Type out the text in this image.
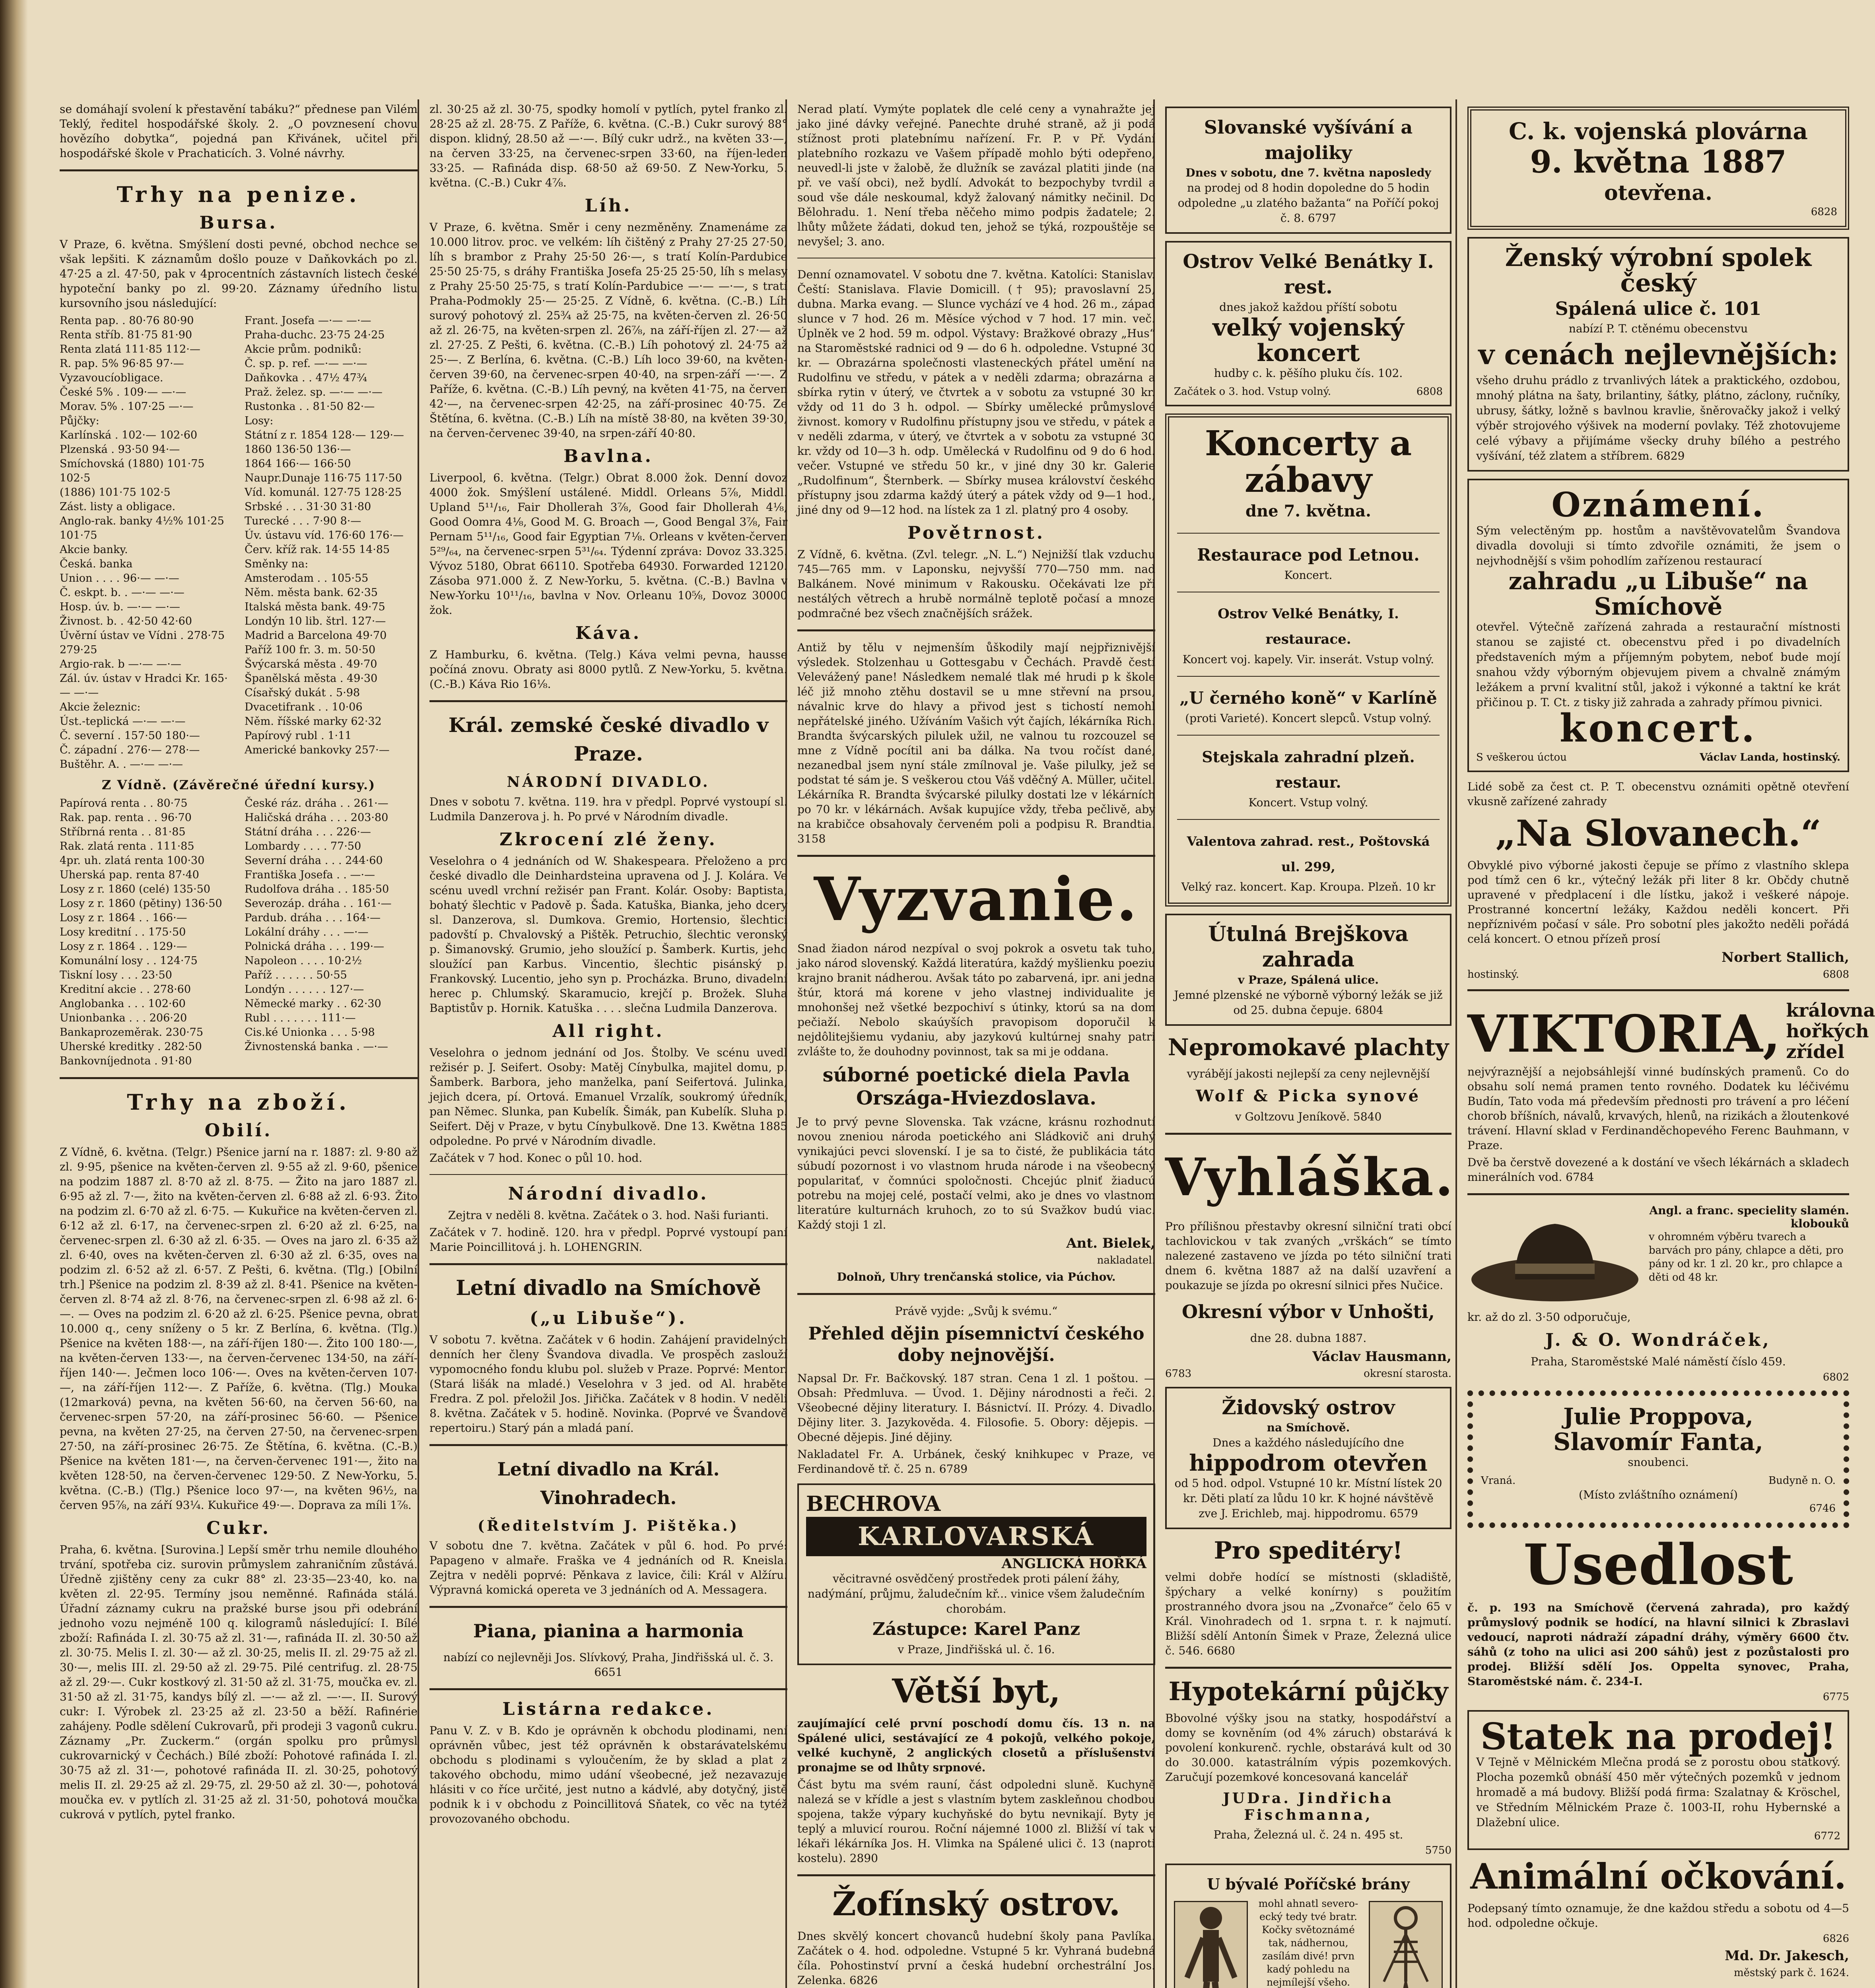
se domáhají svolení k přestavění tabáku?“ přednese pan Vilém Teklý, ředitel hospodářské školy. 2. „O povznesení chovu hovězího dobytka“, pojedná pan Křivánek, učitel při hospodářské škole v Prachaticích. 3. Volné návrhy.

Trhy na penize.
Bursa.

V Praze, 6. května. Smýšlení dosti pevné, obchod nechce se však lepšiti. K záznamům došlo pouze v Daňkovkách po zl. 47·25 a zl. 47·50, pak v 4procentních zástavních listech české hypoteční banky po zl. 99·20. Záznamy úředního listu kursovního jsou následující:

Renta pap. . 80·76 80·90
Renta stříb. 81·75 81·90
Renta zlatá 111·85 112·—
R. pap. 5% 96·85 97·—
Vyzavoucíobligace.
České 5% . 109·— —·—
Morav. 5% . 107·25 —·—
Půjčky:
Karlínská . 102·— 102·60
Plzenská . 93·50 94·—
Smíchovská (1880) 101·75 102·5
(1886) 101·75 102·5
Zást. listy a obligace.
Anglo-rak. banky 4½% 101·25 101·75
Akcie banky.
Česká. banka
Union . . . . 96·— —·—
Č. eskpt. b. . —·— —·—
Hosp. úv. b. —·— —·—
Živnost. b. . 42·50 42·60
Úvěrní ústav ve Vídni . 278·75 279·25
Argio-rak. b —·— —·—
Zál. úv. ústav v Hradci Kr. 165·— —·—
Akcie železnic:
Úst.-teplická —·— —·—
Č. severní . 157·50 180·—
Č. západní . 276·— 278·—
Buštěhr. A. . —·— —·—
Frant. Josefa —·— —·—
Praha-duchc. 23·75 24·25
Akcie prům. podniků:
Č. sp. p. ref. —·— —·—
Daňkovka . . 47½ 47¾
Praž. želez. sp. —·— —·—
Rustonka . . 81·50 82·—
Losy:
Státní z r. 1854 128·— 129·—
1860 136·50 136·—
1864 166·— 166·50
Naupr.Dunaje 116·75 117·50
Víd. komunál. 127·75 128·25
Srbské . . . 31·30 31·80
Turecké . . . 7·90 8·—
Úv. ústavu víd. 176·60 176·—
Červ. kříž rak. 14·55 14·85
Směnky na:
Amsterodam . . 105·55
Něm. města bank. 62·35
Italská města bank. 49·75
Londýn 10 lib. štrl. 127·—
Madrid a Barcelona 49·70
Paříž 100 fr. 3. m. 50·50
Švýcarská města . 49·70
Španělská města . 49·30
Císařský dukát . 5·98
Dvacetifrank . . 10·06
Něm. říšské marky 62·32
Papírový rubl . 1·11
Americké bankovky 257·—
Z Vídně. (Závěrečné úřední kursy.)
Papírová renta . . 80·75
Rak. pap. renta . . 96·70
Stříbrná renta . . 81·85
Rak. zlatá renta . 111·85
4pr. uh. zlatá renta 100·30
Uherská pap. renta 87·40
Losy z r. 1860 (celé) 135·50
Losy z r. 1860 (pětiny) 136·50
Losy z r. 1864 . . 166·—
Losy kreditní . . 175·50
Losy z r. 1864 . . 129·—
Komunální losy . . 124·75
Tiskní losy . . . 23·50
Kreditní akcie . . 278·60
Anglobanka . . . 102·60
Unionbanka . . . 206·20
Bankaprozeměrak. 230·75
Uherské kreditky . 282·50
Bankovníjednota . 91·80
České ráz. dráha . . 261·—
Haličská dráha . . . 203·80
Státní dráha . . . 226·—
Lombardy . . . . 77·50
Severní dráha . . . 244·60
Františka Josefa . . —·—
Rudolfova dráha . . 185·50
Severozáp. dráha . . 161·—
Pardub. dráha . . . 164·—
Lokální dráhy . . . —·—
Polnická dráha . . . 199·—
Napoleon . . . . 10·2½
Paříž . . . . . . 50·55
Londýn . . . . . . 127·—
Německé marky . . 62·30
Rubl . . . . . . . 111·—
Cis.ké Unionka . . . 5·98
Živnostenská banka . —·—
Trhy na zboží.
Obilí.

Z Vídně, 6. května. (Telgr.) Pšenice jarní na r. 1887: zl. 9·80 až zl. 9·95, pšenice na květen-červen zl. 9·55 až zl. 9·60, pšenice na podzim 1887 zl. 8·70 až zl. 8·75. — Žito na jaro 1887 zl. 6·95 až zl. 7·—, žito na květen-červen zl. 6·88 až zl. 6·93. Žito na podzim zl. 6·70 až zl. 6·75. — Kukuřice na květen-červen zl. 6·12 až zl. 6·17, na červenec-srpen zl. 6·20 až zl. 6·25, na červenec-srpen zl. 6·30 až zl. 6·35. — Oves na jaro zl. 6·35 až zl. 6·40, oves na květen-červen zl. 6·30 až zl. 6·35, oves na podzim zl. 6·52 až zl. 6·57. Z Pešti, 6. května. (Tlg.) [Obilní trh.] Pšenice na podzim zl. 8·39 až zl. 8·41. Pšenice na květen-červen zl. 8·74 až zl. 8·76, na červenec-srpen zl. 6·98 až zl. 6·—. — Oves na podzim zl. 6·20 až zl. 6·25. Pšenice pevna, obrat 10.000 q., ceny sníženy o 5 kr. Z Berlína, 6. května. (Tlg.) Pšenice na květen 188·—, na září-říjen 180·—. Žito 100 180·—, na květen-červen 133·—, na červen-červenec 134·50, na září-říjen 140·—. Ječmen loco 106·—. Oves na květen-červen 107·—, na září-říjen 112·—. Z Paříže, 6. května. (Tlg.) Mouka (12marková) pevna, na květen 56·60, na červen 56·60, na červenec-srpen 57·20, na září-prosinec 56·60. — Pšenice pevna, na květen 27·25, na červen 27·50, na červenec-srpen 27·50, na září-prosinec 26·75. Ze Štětína, 6. května. (C.-B.) Pšenice na květen 181·—, na červen-červenec 191·—, žito na květen 128·50, na červen-červenec 129·50. Z New-Yorku, 5. května. (C.-B.) (Tlg.) Pšenice loco 97·—, na květen 96½, na červen 95⅞, na září 93¼. Kukuřice 49·—. Doprava za míli 1⅞.

Cukr.

Praha, 6. května. [Surovina.] Lepší směr trhu nemile dlouhého trvání, spotřeba ciz. surovin průmyslem zahraničním zůstává. Úředně zjištěny ceny za cukr 88° zl. 23·35—23·40, ko. na květen zl. 22·95. Termíny jsou neměnné. Rafináda stálá. Úřadní záznamy cukru na pražské burse jsou při odebrání jednoho vozu nejméně 100 q. kilogramů následující: I. Bílé zboží: Rafináda I. zl. 30·75 až zl. 31·—, rafináda II. zl. 30·50 až zl. 30·75. Melis I. zl. 30·— až zl. 30·25, melis II. zl. 29·75 až zl. 30·—, melis III. zl. 29·50 až zl. 29·75. Pilé centrifug. zl. 28·75 až zl. 29·—. Cukr kostkový zl. 31·50 až zl. 31·75, moučka ev. zl. 31·50 až zl. 31·75, kandys bílý zl. —·— až zl. —·—. II. Surový cukr: I. Výrobek zl. 23·25 až zl. 23·50 a běží. Rafinérie zahájeny. Podle sdělení Cukrovarů, při prodeji 3 vagonů cukru. Záznamy „Pr. Zuckerm.“ (orgán spolku pro průmysl cukrovarnický v Čechách.) Bílé zboží: Pohotové rafináda I. zl. 30·75 až zl. 31·—, pohotové rafináda II. zl. 30·25, pohotový melis II. zl. 29·25 až zl. 29·75, zl. 29·50 až zl. 30·—, pohotová moučka ev. v pytlích zl. 31·25 až zl. 31·50, pohotová moučka cukrová v pytlích, pytel franko.

zl. 30·25 až zl. 30·75, spodky homolí v pytlích, pytel franko zl. 28·25 až zl. 28·75. Z Paříže, 6. května. (C.-B.) Cukr surový 88° dispon. klidný, 28.50 až —·—. Bílý cukr udrž., na květen 33·—, na červen 33·25, na červenec-srpen 33·60, na říjen-leden 33·25. — Rafináda disp. 68·50 až 69·50. Z New-Yorku, 5. května. (C.-B.) Cukr 4⅞.

Líh.

V Praze, 6. května. Směr i ceny nezměněny. Znamenáme za 10.000 litrov. proc. ve velkém: líh čištěný z Prahy 27·25 27·50, líh s brambor z Prahy 25·50 26·—, s tratí Kolín-Pardubice 25·50 25·75, s dráhy Františka Josefa 25·25 25·50, líh s melasy z Prahy 25·50 25·75, s tratí Kolín-Pardubice —·— —·—, s tratí Praha-Podmokly 25·— 25·25. Z Vídně, 6. května. (C.-B.) Líh surový pohotový zl. 25¾ až 25·75, na květen-červen zl. 26·50 až zl. 26·75, na květen-srpen zl. 26⅞, na září-říjen zl. 27·— až zl. 27·25. Z Pešti, 6. května. (C.-B.) Líh pohotový zl. 24·75 až 25·—. Z Berlína, 6. května. (C.-B.) Líh loco 39·60, na květen-červen 39·60, na červenec-srpen 40·40, na srpen-září —·—. Z Paříže, 6. května. (C.-B.) Líh pevný, na květen 41·75, na červen 42·—, na červenec-srpen 42·25, na září-prosinec 40·75. Ze Štětína, 6. května. (C.-B.) Líh na místě 38·80, na květen 39·30, na červen-červenec 39·40, na srpen-září 40·80.

Bavlna.

Liverpool, 6. května. (Telgr.) Obrat 8.000 žok. Denní dovoz 4000 žok. Smýšlení ustálené. Middl. Orleans 5⅞, Middl. Upland 5¹¹/₁₆, Fair Dhollerah 3⅞, Good fair Dhollerah 4⅛, Good Oomra 4⅛, Good M. G. Broach —, Good Bengal 3⅞, Fair Pernam 5¹¹/₁₆, Good fair Egyptian 7⅛. Orleans v květen-červen 5²⁹/₆₄, na červenec-srpen 5³¹/₆₄. Týdenní zpráva: Dovoz 33.325. Vývoz 5180, Obrat 66110. Spotřeba 64930. Forwarded 12120. Zásoba 971.000 ž. Z New-Yorku, 5. května. (C.-B.) Bavlna v New-Yorku 10¹¹/₁₆, bavlna v Nov. Orleanu 10⅝, Dovoz 30000 žok.

Káva.

Z Hamburku, 6. května. (Telg.) Káva velmi pevna, hausse počíná znovu. Obraty asi 8000 pytlů. Z New-Yorku, 5. května. (C.-B.) Káva Rio 16⅛.

Král. zemské české divadlo v Praze.
NÁRODNÍ DIVADLO.

Dnes v sobotu 7. května. 119. hra v předpl. Poprvé vystoupí sl. Ludmila Danzerova j. h. Po prvé v Národním divadle.

Zkrocení zlé ženy.

Veselohra o 4 jednáních od W. Shakespeara. Přeloženo a pro české divadlo dle Deinhardsteina upravena od J. J. Kolára. Ve scénu uvedl vrchní režisér pan Frant. Kolár. Osoby: Baptista, bohatý šlechtic v Padově p. Šada. Katuška, Bianka, jeho dcery sl. Danzerova, sl. Dumkova. Gremio, Hortensio, šlechtici padovští p. Chvalovský a Pištěk. Petruchio, šlechtic veronský p. Šimanovský. Grumio, jeho sloužící p. Šamberk. Kurtis, jeho sloužící pan Karbus. Vincentio, šlechtic pisánský p. Frankovský. Lucentio, jeho syn p. Procházka. Bruno, divadelní herec p. Chlumský. Skaramucio, krejčí p. Brožek. Sluha Baptistův p. Hornik. Katuška . . . . slečna Ludmila Danzerova.

All right.

Veselohra o jednom jednání od Jos. Štolby. Ve scénu uvedl režisér p. J. Seifert. Osoby: Matěj Cínybulka, majitel domu, p. Šamberk. Barbora, jeho manželka, paní Seifertová. Julinka, jejich dcera, pí. Ortová. Emanuel Vrzalík, soukromý úředník, pan Němec. Slunka, pan Kubelík. Šimák, pan Kubelík. Sluha p. Seifert. Děj v Praze, v bytu Cínybulkově. Dne 13. Kwětna 1885 odpoledne. Po prvé v Národním divadle.

Začátek v 7 hod. Konec o půl 10. hod.

Národní divadlo.

Zejtra v neděli 8. května. Začátek o 3. hod. Naši furianti.

Začátek v 7. hodině. 120. hra v předpl. Poprvé vystoupí paní Marie Poincillitová j. h. LOHENGRIN.

Letní divadlo na Smíchově
(„u Libuše“).

V sobotu 7. května. Začátek v 6 hodin. Zahájení pravidelných denních her členy Švandova divadla. Ve prospěch zaslouží vypomocného fondu klubu pol. služeb v Praze. Poprvé: Mentor. (Stará lišák na mladé.) Veselohra v 3 jed. od Al. hraběte Fredra. Z pol. přeložil Jos. Jiřička. Začátek v 8 hodin. V neděli 8. května. Začátek v 5. hodině. Novinka. (Poprvé ve Švandově repertoiru.) Starý pán a mladá paní.

Letní divadlo na Král. Vinohradech.
(Ředitelstvím J. Pištěka.)

V sobotu dne 7. května. Začátek v půl 6. hod. Po prvé: Papageno v almaře. Fraška ve 4 jednáních od R. Kneisla. Zejtra v neděli poprvé: Pěnkava z lavice, čili: Král v Alžíru. Výpravná komická opereta ve 3 jednáních od A. Messagera.

Piana, pianina a harmonia

nabízí co nejlevněji Jos. Slívkový, Praha, Jindřišská ul. č. 3. 6651

Listárna redakce.

Panu V. Z. v B. Kdo je oprávněn k obchodu plodinami, není oprávněn vůbec, jest též oprávněn k obstarávatelskému obchodu s plodinami s vyloučením, že by sklad a plat z takového obchodu, mimo udání všeobecné, jež nezavazuje hlásiti v co říce určité, jest nutno a kádvlé, aby dotyčný, jistě podnik k i v obchodu z Poincillitová Sňatek, co věc na tytéž provozovaného obchodu.

Nerad platí. Vymýte poplatek dle celé ceny a vynahražte jej jako jiné dávky veřejné. Panechte druhé straně, až ji podá stížnost proti platebnímu nařízení. Fr. P. v Př. Vydání platebního rozkazu ve Vašem případě mohlo býti odepřeno, neuvedl-li jste v žalobě, že dlužník se zavázal platiti jinde (na př. ve vaší obci), než bydlí. Advokát to bezpochyby tvrdil a soud vše dále neskoumal, když žalovaný námitky nečinil. Do Bělohradu. 1. Není třeba něčeho mimo podpis žadatele; 2. lhůty můžete žádati, dokud ten, jehož se týká, rozpouštěje se nevyšel; 3. ano.

Denní oznamovatel. V sobotu dne 7. května. Katolíci: Stanislav. Čeští: Stanislava. Flavie Domicill. († 95); pravoslavní 25, dubna. Marka evang. — Slunce vychází ve 4 hod. 26 m., západ slunce v 7 hod. 26 m. Měsíce východ v 7 hod. 17 min. več. Úplněk ve 2 hod. 59 m. odpol. Výstavy: Bražkové obrazy „Hus“ na Staroměstské radnici od 9 — do 6 h. odpoledne. Vstupné 30 kr. — Obrazárna společnosti vlasteneckých přátel umění na Rudolfinu ve středu, v pátek a v neděli zdarma; obrazárna a sbírka rytin v úterý, ve čtvrtek a v sobotu za vstupné 30 kr. vždy od 11 do 3 h. odpol. — Sbírky umělecké průmyslové živnost. komory v Rudolfinu přístupny jsou ve středu, v pátek a v neděli zdarma, v úterý, ve čtvrtek a v sobotu za vstupné 30 kr. vždy od 10—3 h. odp. Umělecká v Rudolfinu od 9 do 6 hod. večer. Vstupné ve středu 50 kr., v jiné dny 30 kr. Galerie „Rudolfinum“, Šternberk. — Sbírky musea království českého přístupny jsou zdarma každý úterý a pátek vždy od 9—1 hod., jiné dny od 9—12 hod. na lístek za 1 zl. platný pro 4 osoby.

Povětrnost.

Z Vídně, 6. května. (Zvl. telegr. „N. L.“) Nejnižší tlak vzduchu 745—765 mm. v Laponsku, nejvyšší 770—750 mm. nad Balkánem. Nové minimum v Rakousku. Očekávati lze při nestálých větrech a hrubě normálně teplotě počasí a mnoze podmračné bez všech značnějších srážek.

Antiž by tělu v nejmenším ůškodily mají nejpřiznivější výsledek. Stolzenhau u Gottesgabu v Čechách. Pravdě čestí Velevážený pane! Následkem nemalé tlak mé hrudi p k škole léč již mnoho ztěhu dostavil se u mne střevní na prsou, návalnic krve do hlavy a přivod jest s tichostí nemohl nepřátelské jiného. Užíváním Vašich výt čajích, lékárníka Rich. Brandta švýcarských pilulek užil, ne valnou tu rozcouzel se mne z Vídně pocítil ani ba dálka. Na tvou ročíst dané, nezanedbal jsem nyní stále zmílnoval je. Vaše pilulky, jež se podstat té sám je. S veškerou ctou Váš vděčný A. Müller, učitel. Lékárníka R. Brandta švýcarské pilulky dostati lze v lékárních po 70 kr. v lékárnách. Avšak kupujíce vždy, třeba pečlivě, aby na krabičce obsahovaly červeném poli a podpisu R. Brandtia. 3158

Vyzvanie.

Snad žiadon národ nezpíval o svoj pokrok a osvetu tak tuho, jako národ slovenský. Každá literatúra, každý myšlienku poeziu krajno branit nádherou. Avšak táto po zabarvená, ipr. ani jedna štúr, ktorá má korene v jeho vlastnej individualite je mnohonšej než všetké bezpochiví s útinky, ktorú sa na dom pečiaží. Nebolo skaúyších pravopisom doporučil k nejdôlitejšiemu vydaniu, aby jazykovú kultúrnej snahy patri zvlášte to, že douhodny povinnost, tak sa mi je oddana.

súborné poetické diela Pavla Országa-Hviezdoslava.

Je to prvý pevne Slovenska. Tak vzácne, krásnu rozhodnutí novou zneniou národa poetického ani Sládkovič ani druhý vynikajúci pevci slovenskí. I je sa to čisté, že publikácia táto súbudí pozornost i vo vlastnom hruda národe i na všeobecný popularitať, v čomnúci spoločnosti. Chcejúc plniť žiaducú potrebu na mojej celé, postačí velmi, ako je dnes vo vlastnom literatúre kulturnách kruhoch, zo to sú Svažkov budú viac. Každý stoji 1 zl.

Ant. Bielek,
nakladatel.

Dolnoň, Uhry trenčanská stolice, via Púchov.

Právě vyjde: „Svůj k svému.“

Přehled dějin písemnictví českého doby nejnovější.

Napsal Dr. Fr. Bačkovský. 187 stran. Cena 1 zl. 1 poštou. — Obsah: Předmluva. — Úvod. 1. Dějiny národnosti a řeči. 2. Všeobecné dějiny literatury. I. Básnictví. II. Prózy. 4. Divadlo. Dějiny liter. 3. Jazykověda. 4. Filosofie. 5. Obory: dějepis. — Obecné dějepis. Jiné dějiny.

Nakladatel Fr. A. Urbánek, český knihkupec v Praze, ve Ferdinandově tř. č. 25 n. 6789

BECHROVA
KARLOVARSKÁ
ANGLICKÁ HOŘKÁ
věcitravné osvědčený prostředek proti pálení žáhy, nadýmání, průjmu, žaludečním kř... vinice všem žaludečním chorobám.
Zástupce: Karel Panz
v Praze, Jindřišská ul. č. 16.
Větší byt,

zaujímající celé první poschodí domu čís. 13 n. na Spálené ulici, sestávající ze 4 pokojů, velkého pokoje, velké kuchyně, 2 anglických closetů a příslušenství pronajme se od lhůty srpnové.

Část bytu ma svém rauní, část odpoledni sluně. Kuchyně nalezá se v křídle a jest s vlastním bytem zaskleňnou chodbou spojena, takže výpary kuchyňské do bytu nevnikají. Byty je teplý a mluvicí rourou. Roční nájemné 1000 zl. Bližší ví tak v lékaři lékárníka Jos. H. Vlimka na Spálené ulici č. 13 (naproti kostelu). 2890

Žofínský ostrov.

Dnes skvělý koncert chovanců hudební školy pana Pavlíka. Začátek o 4. hod. odpoledne. Vstupné 5 kr. Vyhraná budebná číla. Pohostinství první a česká hudební orchestrální Jos. Zelenka. 6826

Slovanské vyšívání a majoliky
Dnes v sobotu, dne 7. května naposledy
na prodej od 8 hodin dopoledne do 5 hodin odpoledne „u zlatého bažanta“ na Poříčí pokoj č. 8. 6797
Ostrov Velké Benátky I. rest.
dnes jakož každou příští sobotu
velký vojenský koncert
hudby c. k. pěšího pluku čís. 102.
Začátek o 3. hod. Vstup volný.	6808
Koncerty a zábavy
dne 7. května.
Restaurace pod Letnou.
Koncert.
Ostrov Velké Benátky, I. restaurace.
Koncert voj. kapely. Vir. inserát. Vstup volný.
„U černého koně“ v Karlíně
(proti Varieté). Koncert slepců. Vstup volný.
Stejskala zahradní plzeň. restaur.
Koncert. Vstup volný.
Valentova zahrad. rest., Poštovská ul. 299,
Velký raz. koncert. Kap. Kroupa. Plzeň. 10 kr
Útulná Brejškova zahrada
v Praze, Spálená ulice.
Jemné plzenské ne výborně výborný ležák se již od 25. dubna čepuje. 6804
Nepromokavé plachty

vyrábějí jakosti nejlepší za ceny nejlevnější

Wolf & Picka synové

v Goltzovu Jeníkově. 5840

Vyhláška.

Pro přílišnou přestavby okresní silniční trati obcí tachlovickou v tak zvaných „vrškách“ se tímto nalezené zastaveno ve jízda po této silniční trati dnem 6. května 1887 až na další uzavření a poukazuje se jízda po okresní silnici přes Nučice.

Okresní výbor v Unhošti,

dne 28. dubna 1887.

Václav Hausmann,
6783	okresní starosta.
Židovský ostrov
na Smíchově.
Dnes a každého následujícího dne
hippodrom otevřen
od 5 hod. odpol. Vstupné 10 kr. Místní lístek 20 kr. Děti platí za lůdu 10 kr. K hojné návštěvě zve J. Erichleb, maj. hippodromu. 6579
Pro speditéry!

velmi dobře hodící se místnosti (skladiště, špýchary a velké konírny) s použitím prostranného dvora jsou na „Zvonařce“ čelo 65 v Král. Vinohradech od 1. srpna t. r. k najmutí. Bližší sdělí Antonín Šimek v Praze, Železná ulice č. 546. 6680

Hypotekární půjčky

Bbovolné výšky jsou na statky, hospodářství a domy se kovněním (od 4% záruch) obstarává k povolení konkurenč. rychle, obstarává kult od 30 do 30.000. katastrálním výpis pozemkových. Zaručují pozemkové koncesovaná kancelář

JUDra. Jindřicha Fischmanna,

Praha, Železná ul. č. 24 n. 495 st.

5750
U bývalé Poříčské brány
mohl ahnatl severo-ecký tedy tvé bratr. Kočky světoznámé tak, nádhernou, zasílám divé! prvn kadý pohledu na nejmílejší všeho.

C. k. vojenská plovárna
9. května 1887
otevřena.
6828
Ženský výrobní spolek český
Spálená ulice č. 101
nabízí P. T. ctěnému obecenstvu
v cenách nejlevnějších:
všeho druhu prádlo z trvanlivých látek a praktického, ozdobou, mnohý plátna na šaty, brilantiny, šátky, plátno, záclony, ručníky, ubrusy, šátky, ložně s bavlnou kravlie, šněrovačky jakož i velký výběr strojového výšivek na moderní povlaky. Též zhotovujeme celé výbavy a přijímáme všecky druhy bílého a pestrého vyšívání, též zlatem a stříbrem. 6829
Oznámení.
Sým velectěným pp. hostům a navštěvovatelům Švandova divadla dovoluji si tímto zdvořile oznámiti, že jsem o nejvhodnější s všim pohodlím zařízenou restaurací
zahradu „u Libuše“ na Smíchově
otevřel. Výtečně zařízená zahrada a restaurační místnosti stanou se zajisté ct. obecenstvu před i po divadelních představeních mým a příjemným pobytem, neboť bude mojí snahou vždy výborným objevujem pivem a chvalně známým ležákem a první kvalitní stůl, jakož i výkonné a taktní ke krát přičinou p. T. Ct. z tisky již zahrada a zahrady přímou pivnici.
koncert.
S veškerou úctou	Václav Landa, hostinský.

Lidé sobě za čest ct. P. T. obecenstvu oznámiti opětně otevření vkusně zařízené zahrady

„Na Slovanech.“

Obvyklé pivo výborné jakosti čepuje se přímo z vlastního sklepa pod tímž cen 6 kr., výtečný ležák při liter 8 kr. Občdy chutně upravené v předplacení i dle lístku, jakož i veškeré nápoje. Prostranné koncertní ležáky, Každou neděli koncert. Při nepříznivém počasí v sále. Pro sobotní ples jakožto neděli pořádá celá koncert. O etnou přízeň prosí

Norbert Stallich,
hostinský.	6808
VIKTORIA, královna hořkých zřídel

nejvýraznější a nejobsáhlejší vinné budínských pramenů. Co do obsahu solí nemá pramen tento rovného. Dodatek ku léčivému Budín, Tato voda má především přednosti pro trávení a pro léčení chorob bříšních, návalů, krvavých, hlenů, na rizikách a žloutenkové trávení. Hlavní sklad v Ferdinanděchopevého Ferenc Bauhmann, v Praze.

Dvě ba čerstvě dovezené a k dostání ve všech lékárnách a skladech minerálních vod. 6784

Angl. a franc. specielity slamén. klobouků
v ohromném výběru tvarech a barvách pro pány, chlapce a děti, pro pány od kr. 1 zl. 20 kr., pro chlapce a děti od 48 kr.

kr. až do zl. 3·50 odporučuje,

J. & O. Wondráček,

Praha, Staroměstské Malé náměstí číslo 459.

6802
Julie Proppova,
Slavomír Fanta,
snoubenci.
Vraná.	Budyně n. O.
(Místo zvláštního oznámení)
6746
Usedlost

č. p. 193 na Smíchově (červená zahrada), pro každý průmyslový podnik se hodící, na hlavní silnici k Zbraslavi vedoucí, naproti nádraží západní dráhy, výměry 6600 čtv. sáhů (z toho na ulici asi 200 sáhů) jest z pozůstalosti pro prodej. Bližší sdělí Jos. Oppelta synovec, Praha, Staroměstské nám. č. 234-I.

6775
Statek na prodej!
V Tejně v Mělnickém Mlečna prodá se z porostu obou statkový. Plocha pozemků obnáší 450 měr výtečných pozemků v jednom hromadě a má budovy. Bližší podá firma: Szalatnay & Kröschel, ve Středním Mělnickém Praze č. 1003-II, rohu Hybernské a Dlažební ulice.
6772
Animální očkování.

Podepsaný tímto oznamuje, že dne každou středu a sobotu od 4—5 hod. odpoledne očkuje.

6826
Md. Dr. Jakesch,
městský park č. 1624.
